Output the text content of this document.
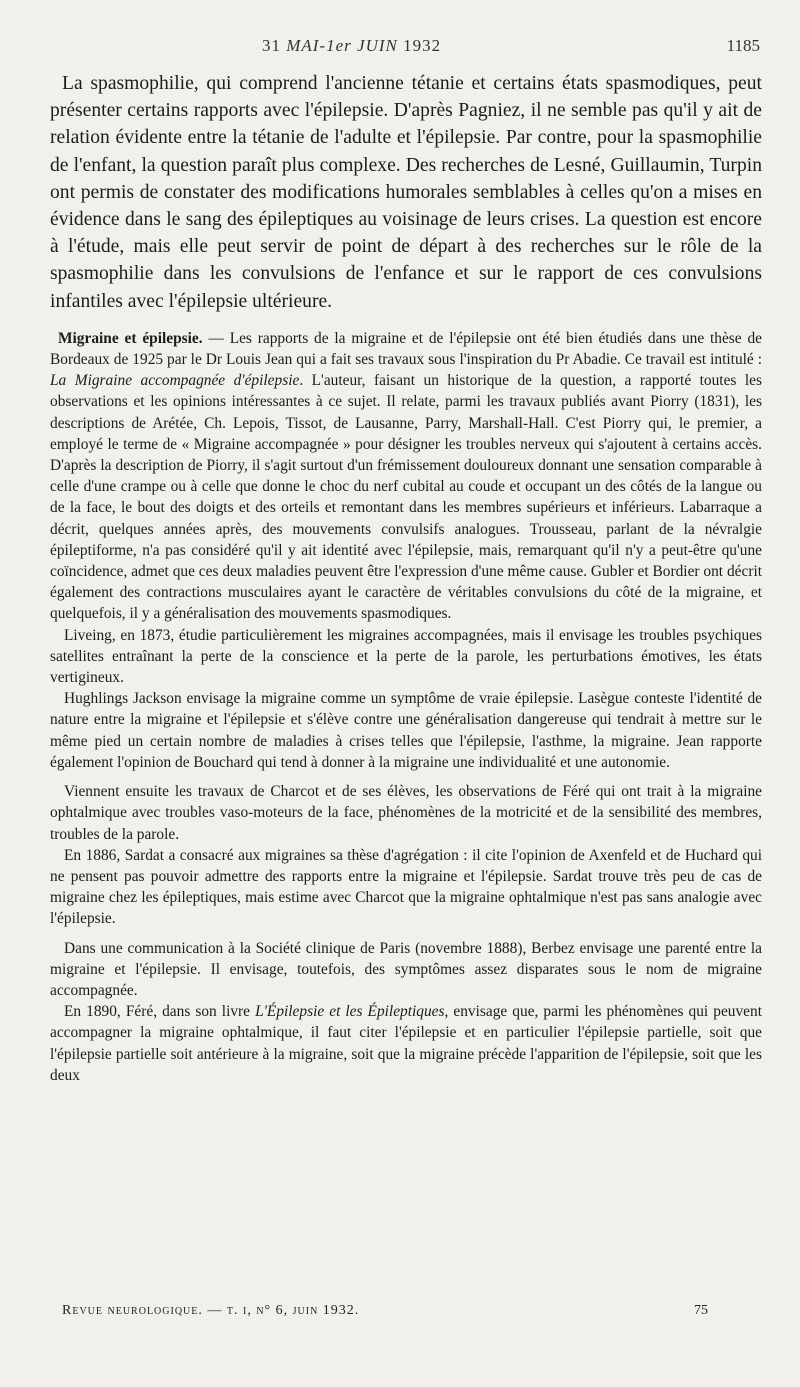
31 MAI-1er JUIN 1932	1185

La spasmophilie, qui comprend l'ancienne tétanie et certains états spasmodiques, peut présenter certains rapports avec l'épilepsie. D'après Pagniez, il ne semble pas qu'il y ait de relation évidente entre la tétanie de l'adulte et l'épilepsie. Par contre, pour la spasmophilie de l'enfant, la question paraît plus complexe. Des recherches de Lesné, Guillaumin, Turpin ont permis de constater des modifications humorales semblables à celles qu'on a mises en évidence dans le sang des épileptiques au voisinage de leurs crises. La question est encore à l'étude, mais elle peut servir de point de départ à des recherches sur le rôle de la spasmophilie dans les convulsions de l'enfance et sur le rapport de ces convulsions infantiles avec l'épilepsie ultérieure.

Migraine et épilepsie. — Les rapports de la migraine et de l'épilepsie ont été bien étudiés dans une thèse de Bordeaux de 1925 par le Dr Louis Jean qui a fait ses travaux sous l'inspiration du Pr Abadie. Ce travail est intitulé : La Migraine accompagnée d'épilepsie. L'auteur, faisant un historique de la question, a rapporté toutes les observations et les opinions intéressantes à ce sujet. Il relate, parmi les travaux publiés avant Piorry (1831), les descriptions de Arétée, Ch. Lepois, Tissot, de Lausanne, Parry, Marshall-Hall. C'est Piorry qui, le premier, a employé le terme de « Migraine accompagnée » pour désigner les troubles nerveux qui s'ajoutent à certains accès. D'après la description de Piorry, il s'agit surtout d'un frémissement douloureux donnant une sensation comparable à celle d'une crampe ou à celle que donne le choc du nerf cubital au coude et occupant un des côtés de la langue ou de la face, le bout des doigts et des orteils et remontant dans les membres supérieurs et inférieurs. Labarraque a décrit, quelques années après, des mouvements convulsifs analogues. Trousseau, parlant de la névralgie épileptiforme, n'a pas considéré qu'il y ait identité avec l'épilepsie, mais, remarquant qu'il n'y a peut-être qu'une coïncidence, admet que ces deux maladies peuvent être l'expression d'une même cause. Gubler et Bordier ont décrit également des contractions musculaires ayant le caractère de véritables convulsions du côté de la migraine, et quelquefois, il y a généralisation des mouvements spasmodiques.

Liveing, en 1873, étudie particulièrement les migraines accompagnées, mais il envisage les troubles psychiques satellites entraînant la perte de la conscience et la perte de la parole, les perturbations émotives, les états vertigineux.

Hughlings Jackson envisage la migraine comme un symptôme de vraie épilepsie. Lasègue conteste l'identité de nature entre la migraine et l'épilepsie et s'élève contre une généralisation dangereuse qui tendrait à mettre sur le même pied un certain nombre de maladies à crises telles que l'épilepsie, l'asthme, la migraine. Jean rapporte également l'opinion de Bouchard qui tend à donner à la migraine une individualité et une autonomie.

Viennent ensuite les travaux de Charcot et de ses élèves, les observations de Féré qui ont trait à la migraine ophtalmique avec troubles vaso-moteurs de la face, phénomènes de la motricité et de la sensibilité des membres, troubles de la parole.

En 1886, Sardat a consacré aux migraines sa thèse d'agrégation : il cite l'opinion de Axenfeld et de Huchard qui ne pensent pas pouvoir admettre des rapports entre la migraine et l'épilepsie. Sardat trouve très peu de cas de migraine chez les épileptiques, mais estime avec Charcot que la migraine ophtalmique n'est pas sans analogie avec l'épilepsie.

Dans une communication à la Société clinique de Paris (novembre 1888), Berbez envisage une parenté entre la migraine et l'épilepsie. Il envisage, toutefois, des symptômes assez disparates sous le nom de migraine accompagnée.

En 1890, Féré, dans son livre L'Épilepsie et les Épileptiques, envisage que, parmi les phénomènes qui peuvent accompagner la migraine ophtalmique, il faut citer l'épilepsie et en particulier l'épilepsie partielle, soit que l'épilepsie partielle soit antérieure à la migraine, soit que la migraine précède l'apparition de l'épilepsie, soit que les deux

Revue neurologique. — t. i, n° 6, juin 1932.	75
